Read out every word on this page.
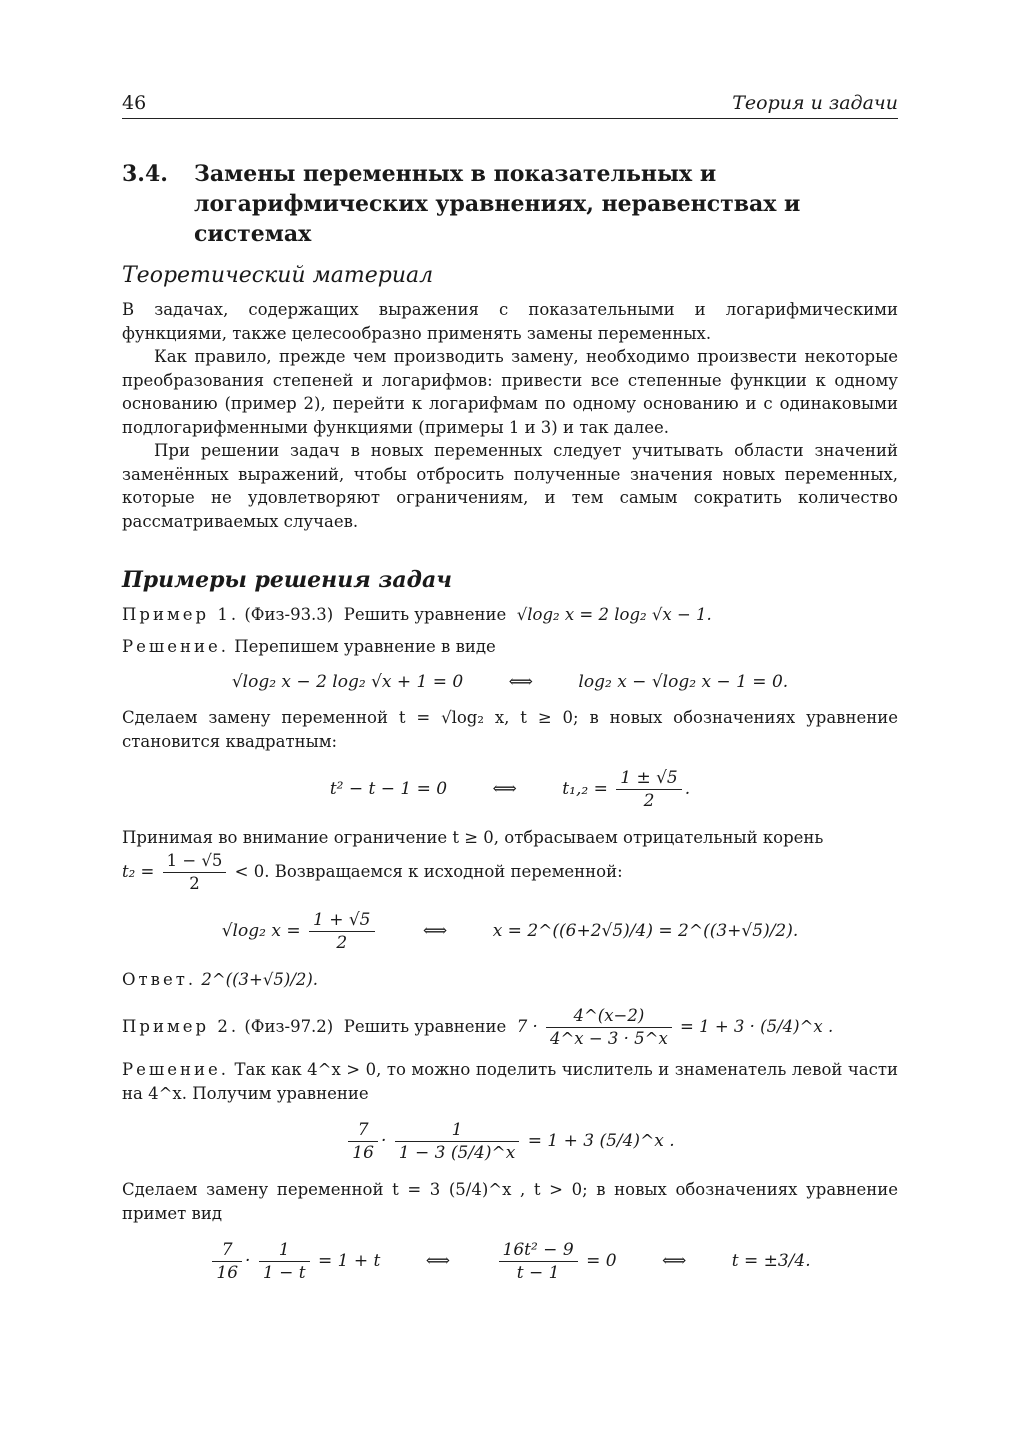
46	Теория и задачи
3.4.	Замены переменных в показательных и логарифмических уравнениях, неравенствах и системах
Теоретический материал

В задачах, содержащих выражения с показательными и логарифмическими функциями, также целесообразно применять замены переменных.

Как правило, прежде чем производить замену, необходимо произвести некоторые преобразования степеней и логарифмов: привести все степенные функции к одному основанию (пример 2), перейти к логарифмам по одному основанию и с одинаковыми подлогарифменными функциями (примеры 1 и 3) и так далее.

При решении задач в новых переменных следует учитывать области значений заменённых выражений, чтобы отбросить полученные значения новых переменных, которые не удовлетворяют ограничениям, и тем самым сократить количество рассматриваемых случаев.

Примеры решения задач

Пример 1. (Физ-93.3) Решить уравнение √log₂ x = 2 log₂ √x − 1.

Решение. Перепишем уравнение в виде

√log₂ x − 2 log₂ √x + 1 = 0	⟺	log₂ x − √log₂ x − 1 = 0.

Сделаем замену переменной t = √log₂ x, t ≥ 0; в новых обозначениях уравнение становится квадратным:

t² − t − 1 = 0	⟺	$t_1,_2 = \frac{1 \pm √5}{2}$ .

Принимая во внимание ограничение t ≥ 0, отбрасываем отрицательный корень

$t_2 = \frac{1 - √5}{2} < 0$. Возвращаемся к исходной переменной:

√log₂ $x = \frac{1 + √5}{2}$	⟺	x = 2^((6+2√5)/4) = 2^((3+√5)/2).

Ответ. 2^((3+√5)/2).

Пример 2. (Физ-97.2) Решить уравнение $7 \cdot \frac{4\^{}(x-2)}{4\^{}x - 3 \cdot 5\^{}x} = 1 + 3$ · (5/4)^x .

Решение. Так как 4^x > 0, то можно поделить числитель и знаменатель левой части на 4^x. Получим уравнение

$\frac{7}{16} \cdot \frac{1}{1 - 3 (5/4)\^{}x} = 1 + 3$ (5/4)^x .

Сделаем замену переменной t = 3 (5/4)^x , t > 0; в новых обозначениях уравнение примет вид

$\frac{7}{16} \cdot \frac{1}{1 - t} = 1 + t$	⟺	$\frac{\text{16t² − 9}}{t - 1} = 0$	⟺	t = ±3/4.
